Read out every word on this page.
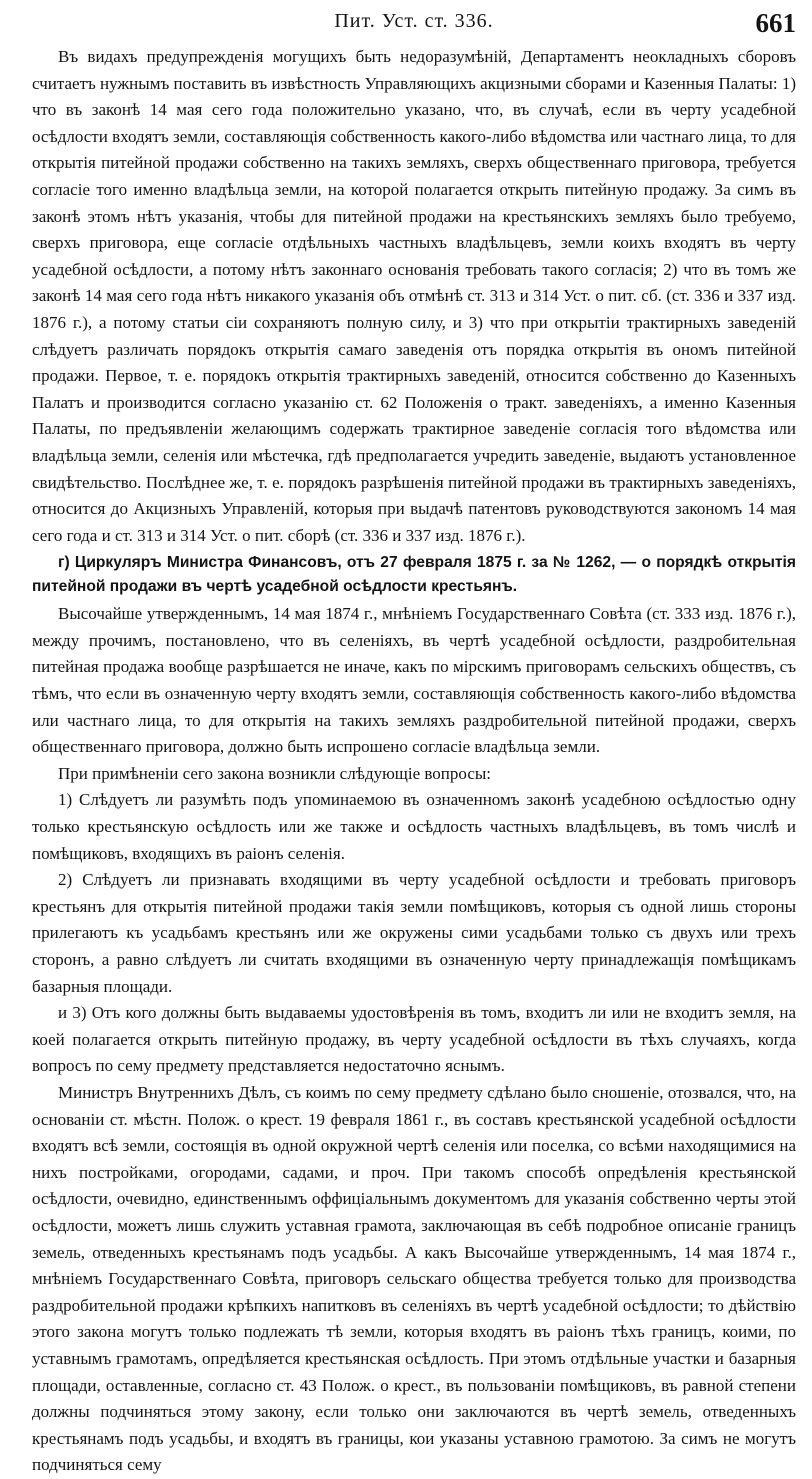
Пит. Уст. ст. 336.	661

Въ видахъ предупрежденія могущихъ быть недоразумѣній, Департаментъ неокладныхъ сборовъ считаетъ нужнымъ поставить въ извѣстность Управляющихъ акцизными сборами и Казенныя Палаты: 1) что въ законѣ 14 мая сего года положительно указано, что, въ случаѣ, если въ черту усадебной осѣдлости входятъ земли, составляющія собственность какого-либо вѣдомства или частнаго лица, то для открытія питейной продажи собственно на такихъ земляхъ, сверхъ общественнаго приговора, требуется согласіе того именно владѣльца земли, на которой полагается открыть питейную продажу. За симъ въ законѣ этомъ нѣтъ указанія, чтобы для питейной продажи на крестьянскихъ земляхъ было требуемо, сверхъ приговора, еще согласіе отдѣльныхъ частныхъ владѣльцевъ, земли коихъ входятъ въ черту усадебной осѣдлости, а потому нѣтъ законнаго основанія требовать такого согласія; 2) что въ томъ же законѣ 14 мая сего года нѣтъ никакого указанія объ отмѣнѣ ст. 313 и 314 Уст. о пит. сб. (ст. 336 и 337 изд. 1876 г.), а потому статьи сіи сохраняютъ полную силу, и 3) что при открытіи трактирныхъ заведеній слѣдуетъ различать порядокъ открытія самаго заведенія отъ порядка открытія въ ономъ питейной продажи. Первое, т. е. порядокъ открытія трактирныхъ заведеній, относится собственно до Казенныхъ Палатъ и производится согласно указанію ст. 62 Положенія о тракт. заведеніяхъ, а именно Казенныя Палаты, по предъявленіи желающимъ содержать трактирное заведеніе согласія того вѣдомства или владѣльца земли, селенія или мѣстечка, гдѣ предполагается учредить заведеніе, выдаютъ установленное свидѣтельство. Послѣднее же, т. е. порядокъ разрѣшенія питейной продажи въ трактирныхъ заведеніяхъ, относится до Акцизныхъ Управленій, которыя при выдачѣ патентовъ руководствуются закономъ 14 мая сего года и ст. 313 и 314 Уст. о пит. сборѣ (ст. 336 и 337 изд. 1876 г.).

г) Циркуляръ Министра Финансовъ, отъ 27 февраля 1875 г. за № 1262, — о порядкѣ открытія питейной продажи въ чертѣ усадебной осѣдлости крестьянъ.

Высочайше утвержденнымъ, 14 мая 1874 г., мнѣніемъ Государственнаго Совѣта (ст. 333 изд. 1876 г.), между прочимъ, постановлено, что въ селеніяхъ, въ чертѣ усадебной осѣдлости, раздробительная питейная продажа вообще разрѣшается не иначе, какъ по мірскимъ приговорамъ сельскихъ обществъ, съ тѣмъ, что если въ означенную черту входятъ земли, составляющія собственность какого-либо вѣдомства или частнаго лица, то для открытія на такихъ земляхъ раздробительной питейной продажи, сверхъ общественнаго приговора, должно быть испрошено согласіе владѣльца земли.

При примѣненіи сего закона возникли слѣдующіе вопросы:

1) Слѣдуетъ ли разумѣть подъ упоминаемою въ означенномъ законѣ усадебною осѣдлостью одну только крестьянскую осѣдлость или же также и осѣдлость частныхъ владѣльцевъ, въ томъ числѣ и помѣщиковъ, входящихъ въ раіонъ селенія.

2) Слѣдуетъ ли признавать входящими въ черту усадебной осѣдлости и требовать приговоръ крестьянъ для открытія питейной продажи такія земли помѣщиковъ, которыя съ одной лишь стороны прилегаютъ къ усадьбамъ крестьянъ или же окружены сими усадьбами только съ двухъ или трехъ сторонъ, а равно слѣдуетъ ли считать входящими въ означенную черту принадлежащія помѣщикамъ базарныя площади.

и 3) Отъ кого должны быть выдаваемы удостовѣренія въ томъ, входитъ ли или не входитъ земля, на коей полагается открыть питейную продажу, въ черту усадебной осѣдлости въ тѣхъ случаяхъ, когда вопросъ по сему предмету представляется недостаточно яснымъ.

Министръ Внутреннихъ Дѣлъ, съ коимъ по сему предмету сдѣлано было сношеніе, отозвался, что, на основаніи ст. мѣстн. Полож. о крест. 19 февраля 1861 г., въ составъ крестьянской усадебной осѣдлости входятъ всѣ земли, состоящія въ одной окружной чертѣ селенія или поселка, со всѣми находящимися на нихъ постройками, огородами, садами, и проч. При такомъ способѣ опредѣленія крестьянской осѣдлости, очевидно, единственнымъ оффиціальнымъ документомъ для указанія собственно черты этой осѣдлости, можетъ лишь служить уставная грамота, заключающая въ себѣ подробное описаніе границъ земель, отведенныхъ крестьянамъ подъ усадьбы. А какъ Высочайше утвержденнымъ, 14 мая 1874 г., мнѣніемъ Государственнаго Совѣта, приговоръ сельскаго общества требуется только для производства раздробительной продажи крѣпкихъ напитковъ въ селеніяхъ въ чертѣ усадебной осѣдлости; то дѣйствію этого закона могутъ только подлежать тѣ земли, которыя входятъ въ раіонъ тѣхъ границъ, коими, по уставнымъ грамотамъ, опредѣляется крестьянская осѣдлость. При этомъ отдѣльные участки и базарныя площади, оставленные, согласно ст. 43 Полож. о крест., въ пользованіи помѣщиковъ, въ равной степени должны подчиняться этому закону, если только они заключаются въ чертѣ земель, отведенныхъ крестьянамъ подъ усадьбы, и входятъ въ границы, кои указаны уставною грамотою. За симъ не могутъ подчиняться сему
